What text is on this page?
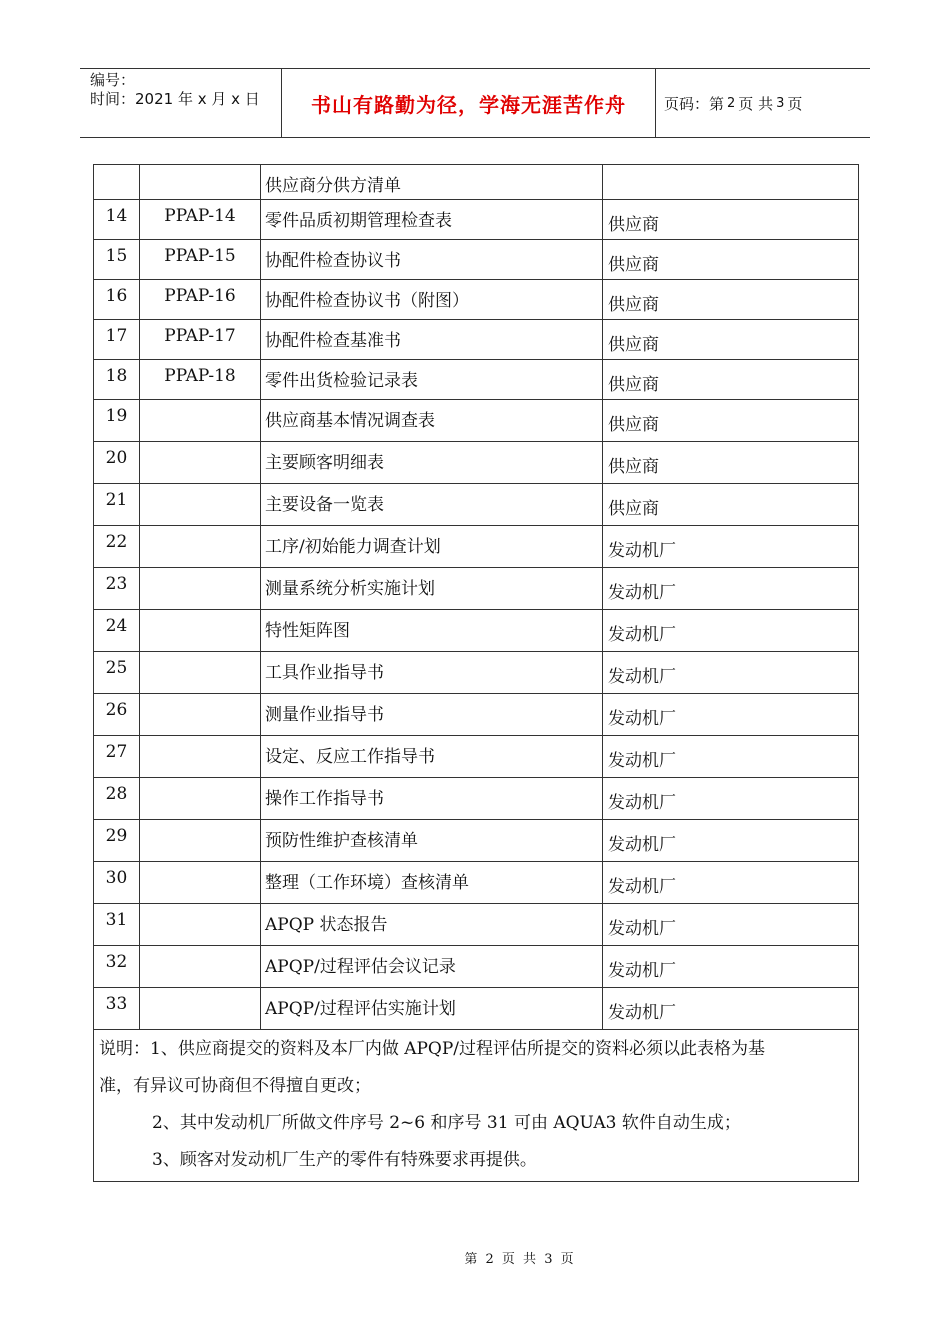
编号：
时间：2021 年 x 月 x 日	书山有路勤为径，学海无涯苦作舟	页码：第 2 页 共 3 页
		供应商分供方清单	
14	PPAP-14	零件品质初期管理检查表	供应商
15	PPAP-15	协配件检查协议书	供应商
16	PPAP-16	协配件检查协议书（附图）	供应商
17	PPAP-17	协配件检查基准书	供应商
18	PPAP-18	零件出货检验记录表	供应商
19		供应商基本情况调查表	供应商
20		主要顾客明细表	供应商
21		主要设备一览表	供应商
22		工序/初始能力调查计划	发动机厂
23		测量系统分析实施计划	发动机厂
24		特性矩阵图	发动机厂
25		工具作业指导书	发动机厂
26		测量作业指导书	发动机厂
27		设定、反应工作指导书	发动机厂
28		操作工作指导书	发动机厂
29		预防性维护查核清单	发动机厂
30		整理（工作环境）查核清单	发动机厂
31		APQP 状态报告	发动机厂
32		APQP/过程评估会议记录	发动机厂
33		APQP/过程评估实施计划	发动机厂

说明：1、供应商提交的资料及本厂内做 APQP/过程评估所提交的资料必须以此表格为基
准，有异议可协商但不得擅自更改；
2、其中发动机厂所做文件序号 2~6 和序号 31 可由 AQUA3 软件自动生成；
3、顾客对发动机厂生产的零件有特殊要求再提供。			
第 2 页 共 3 页
